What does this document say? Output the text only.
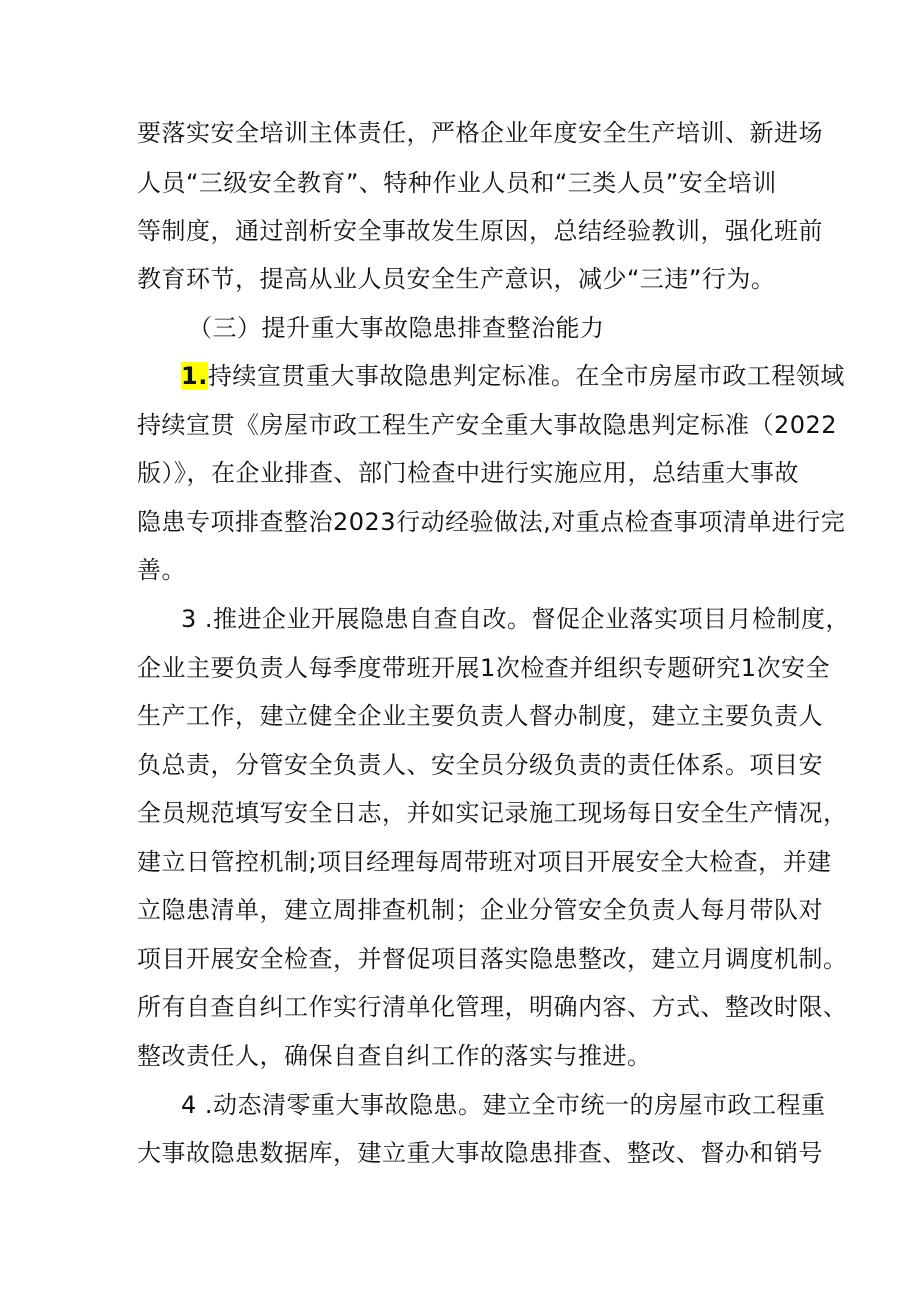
要落实安全培训主体责任，严格企业年度安全生产培训、新进场
人员“三级安全教育”、特种作业人员和“三类人员”安全培训
等制度，通过剖析安全事故发生原因，总结经验教训，强化班前
教育环节，提高从业人员安全生产意识，减少“三违”行为。
（三）提升重大事故隐患排查整治能力
1.持续宣贯重大事故隐患判定标准。在全市房屋市政工程领域
持续宣贯《房屋市政工程生产安全重大事故隐患判定标准（2022
版）》，在企业排查、部门检查中进行实施应用，总结重大事故
隐患专项排查整治2023行动经验做法,对重点检查事项清单进行完
善。
3 .推进企业开展隐患自查自改。督促企业落实项目月检制度，
企业主要负责人每季度带班开展1次检查并组织专题研究1次安全
生产工作，建立健全企业主要负责人督办制度，建立主要负责人
负总责，分管安全负责人、安全员分级负责的责任体系。项目安
全员规范填写安全日志，并如实记录施工现场每日安全生产情况，
建立日管控机制;项目经理每周带班对项目开展安全大检查，并建
立隐患清单，建立周排查机制；企业分管安全负责人每月带队对
项目开展安全检查，并督促项目落实隐患整改，建立月调度机制。
所有自查自纠工作实行清单化管理，明确内容、方式、整改时限、
整改责任人，确保自查自纠工作的落实与推进。
4 .动态清零重大事故隐患。建立全市统一的房屋市政工程重
大事故隐患数据库，建立重大事故隐患排查、整改、督办和销号
